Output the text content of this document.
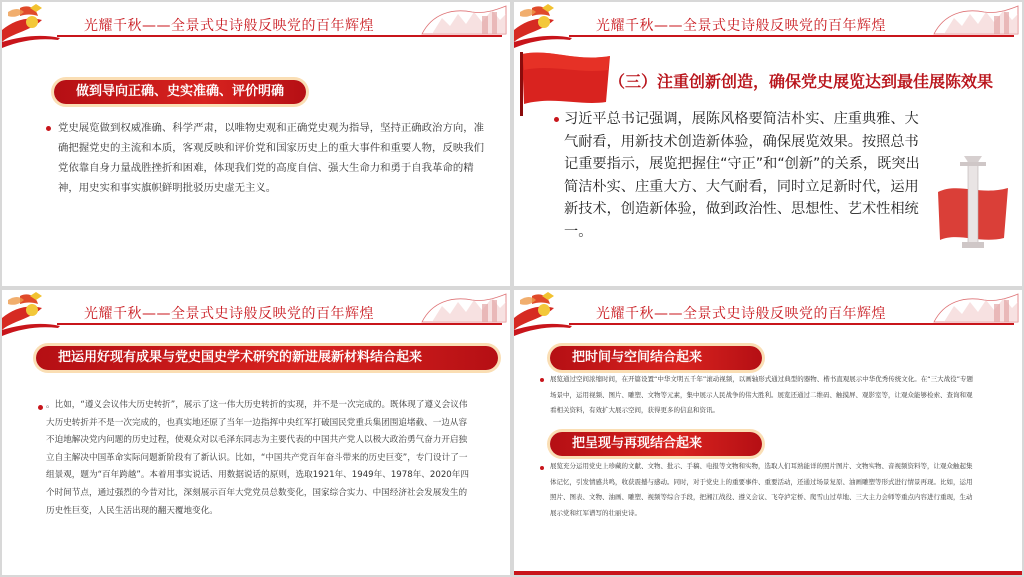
光耀千秋——全景式史诗般反映党的百年辉煌
做到导向正确、史实准确、评价明确
党史展览做到权威准确、科学严肃，以唯物史观和正确党史观为指导，坚持正确政治方向，准确把握党史的主流和本质，客观反映和评价党和国家历史上的重大事件和重要人物，反映我们党依靠自身力量战胜挫折和困难，体现我们党的高度自信、强大生命力和勇于自我革命的精神，用史实和事实旗帜鲜明批驳历史虚无主义。
光耀千秋——全景式史诗般反映党的百年辉煌
（三）注重创新创造，确保党史展览达到最佳展陈效果
习近平总书记强调，展陈风格要简洁朴实、庄重典雅、大气耐看，用新技术创造新体验，确保展览效果。按照总书记重要指示，展览把握住“守正”和“创新”的关系，既突出简洁朴实、庄重大方、大气耐看，同时立足新时代，运用新技术，创造新体验，做到政治性、思想性、艺术性相统一。
光耀千秋——全景式史诗般反映党的百年辉煌
把运用好现有成果与党史国史学术研究的新进展新材料结合起来
。比如，“遵义会议伟大历史转折”，展示了这一伟大历史转折的实现，并不是一次完成的。既体现了遵义会议伟大历史转折并不是一次完成的，也真实地还原了当年一边指挥中央红军打破国民党重兵集团围追堵截、一边从容不迫地解决党内问题的历史过程，使观众对以毛泽东同志为主要代表的中国共产党人以极大政治勇气奋力开启独立自主解决中国革命实际问题新阶段有了新认识。比如，“中国共产党百年奋斗带来的历史巨变”，专门设计了一组景观，题为“百年跨越”。本着用事实说话、用数据说话的原则，选取1921年、1949年、1978年、2020年四个时间节点，通过强烈的今昔对比，深刻展示百年大党党员总数变化，国家综合实力、中国经济社会发展发生的历史性巨变，人民生活出现的翻天覆地变化。
光耀千秋——全景式史诗般反映党的百年辉煌
把时间与空间结合起来
展览通过空间浓缩时间，在开篇设置“中华文明五千年”滚动视频，以画轴形式通过典型的器物、楷书直观展示中华优秀传统文化。在“三大战役”专题场景中，运用视频、图片、雕塑、文物等元素，集中展示人民战争的伟大胜利。展览还通过二维码、触摸屏、观影室等，让观众能够检索、查询和观看相关资料，有效扩大展示空间，获得更多的信息和资讯。
把呈现与再现结合起来
展览充分运用党史上珍藏的文献、文物、批示、手稿、电报等文物和实物，选取人们耳熟能详的照片图片、文物实物、音视频资料等，让观众触起集体记忆，引发情感共鸣，收获震撼与感动。同时，对于党史上的重要事件、重要活动，还通过场景复原、油画雕塑等形式进行情景再现。比如，运用照片、图表、文物、油画、雕塑、视频等综合手段，把湘江战役、遵义会议、飞夺泸定桥、爬雪山过草地、三大主力会师等重点内容进行重现，生动展示党和红军谱写的壮丽史诗。
